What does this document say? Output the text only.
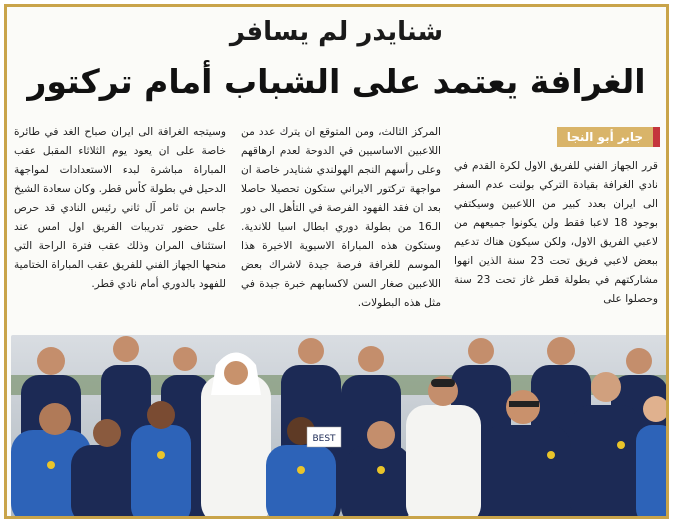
شنايدر لم يسافر
الغرافة يعتمد على الشباب أمام تركتور
جابر أبو النجا
قرر الجهاز الفني للفريق الاول لكرة القدم في نادي الغرافة بقيادة التركي بولنت عدم السفر الى ايران بعدد كبير من اللاعبين وسيكتفي بوجود 18 لاعبا فقط ولن يكونوا جميعهم من لاعبي الفريق الاول، ولكن سيكون هناك تدعيم ببعض لاعبي فريق تحت 23 سنة الذين انهوا مشاركتهم في بطولة قطر غاز تحت 23 سنة وحصلوا على
المركز الثالث، ومن المتوقع ان يترك عدد من اللاعبين الاساسيين في الدوحة لعدم ارهاقهم وعلى رأسهم النجم الهولندي شنايدر خاصة ان مواجهة تركتور الايراني ستكون تحصيلا حاصلا بعد ان فقد الفهود الفرصة في التأهل الى دور الـ16 من بطولة دوري ابطال اسيا للاندية. وستكون هذه المباراة الاسيوية الاخيرة هذا الموسم للغرافة فرصة جيدة لاشراك بعض اللاعبين صغار السن لاكسابهم خبرة جيدة في مثل هذه البطولات.
وسيتجه الغرافة الى ايران صباح الغد في طائرة خاصة على ان يعود يوم الثلاثاء المقبل عقب المباراة مباشرة لبدء الاستعدادات لمواجهة الدحيل في بطولة كأس قطر. وكان سعادة الشيخ جاسم بن ثامر آل ثاني رئيس النادي قد حرص على حضور تدريبات الفريق اول امس عند استئناف المران وذلك عقب فترة الراحة التي منحها الجهاز الفني للفريق عقب المباراة الختامية للفهود بالدوري أمام نادي قطر.
BEST
